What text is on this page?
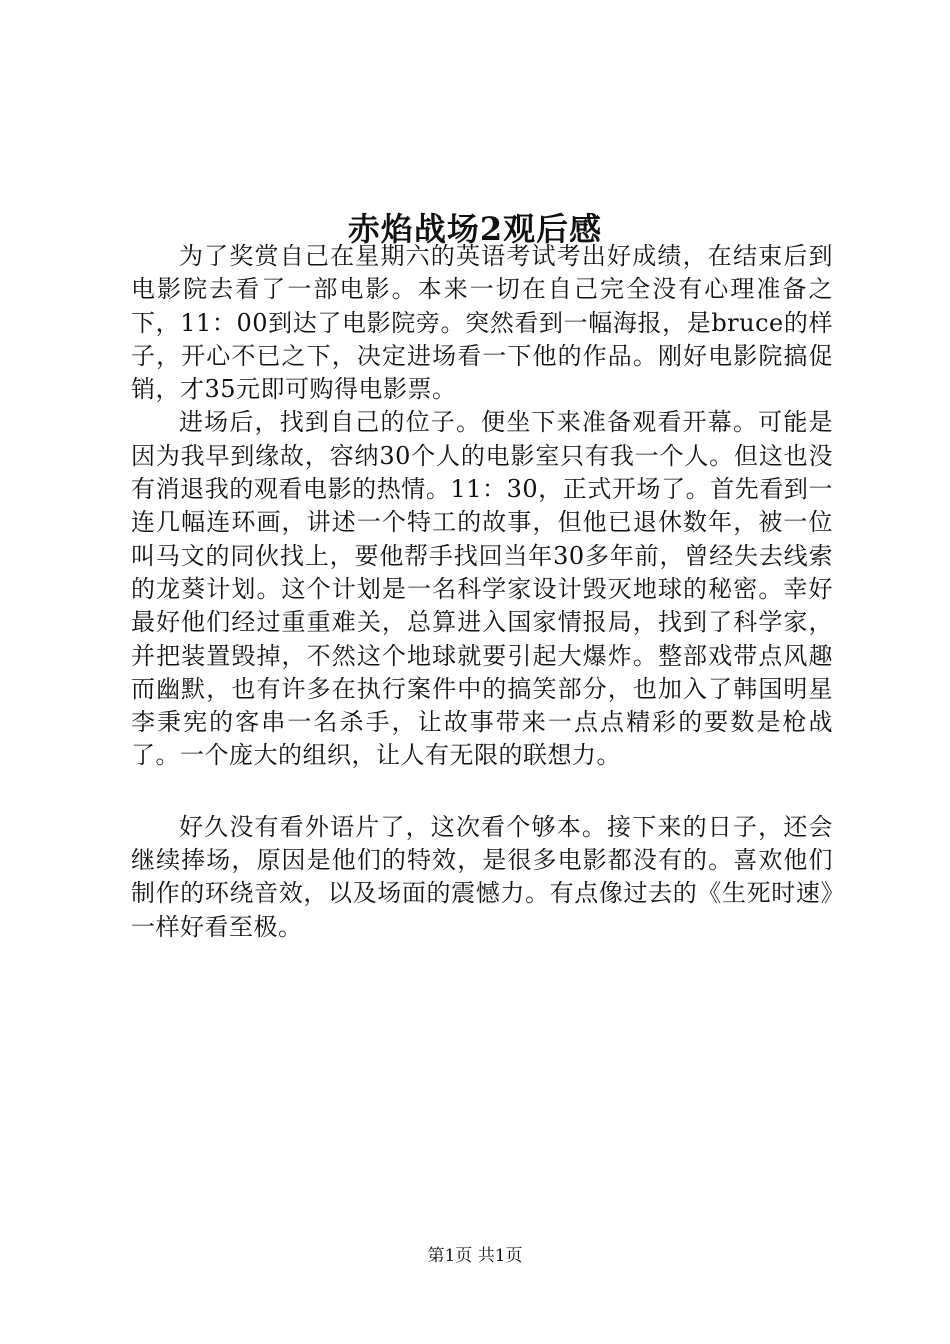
赤焰战场2观后感

为了奖赏自己在星期六的英语考试考出好成绩，在结束后到电影院去看了一部电影。本来一切在自己完全没有心理准备之下，11：00到达了电影院旁。突然看到一幅海报，是bruce的样子，开心不已之下，决定进场看一下他的作品。刚好电影院搞促销，才35元即可购得电影票。

进场后，找到自己的位子。便坐下来准备观看开幕。可能是因为我早到缘故，容纳30个人的电影室只有我一个人。但这也没有消退我的观看电影的热情。11：30，正式开场了。首先看到一连几幅连环画，讲述一个特工的故事，但他已退休数年，被一位叫马文的同伙找上，要他帮手找回当年30多年前，曾经失去线索的龙葵计划。这个计划是一名科学家设计毁灭地球的秘密。幸好最好他们经过重重难关，总算进入国家情报局，找到了科学家，并把装置毁掉，不然这个地球就要引起大爆炸。整部戏带点风趣而幽默，也有许多在执行案件中的搞笑部分，也加入了韩国明星李秉宪的客串一名杀手，让故事带来一点点精彩的要数是枪战了。一个庞大的组织，让人有无限的联想力。

好久没有看外语片了，这次看个够本。接下来的日子，还会继续捧场，原因是他们的特效，是很多电影都没有的。喜欢他们制作的环绕音效，以及场面的震憾力。有点像过去的《生死时速》一样好看至极。

第1页 共1页
